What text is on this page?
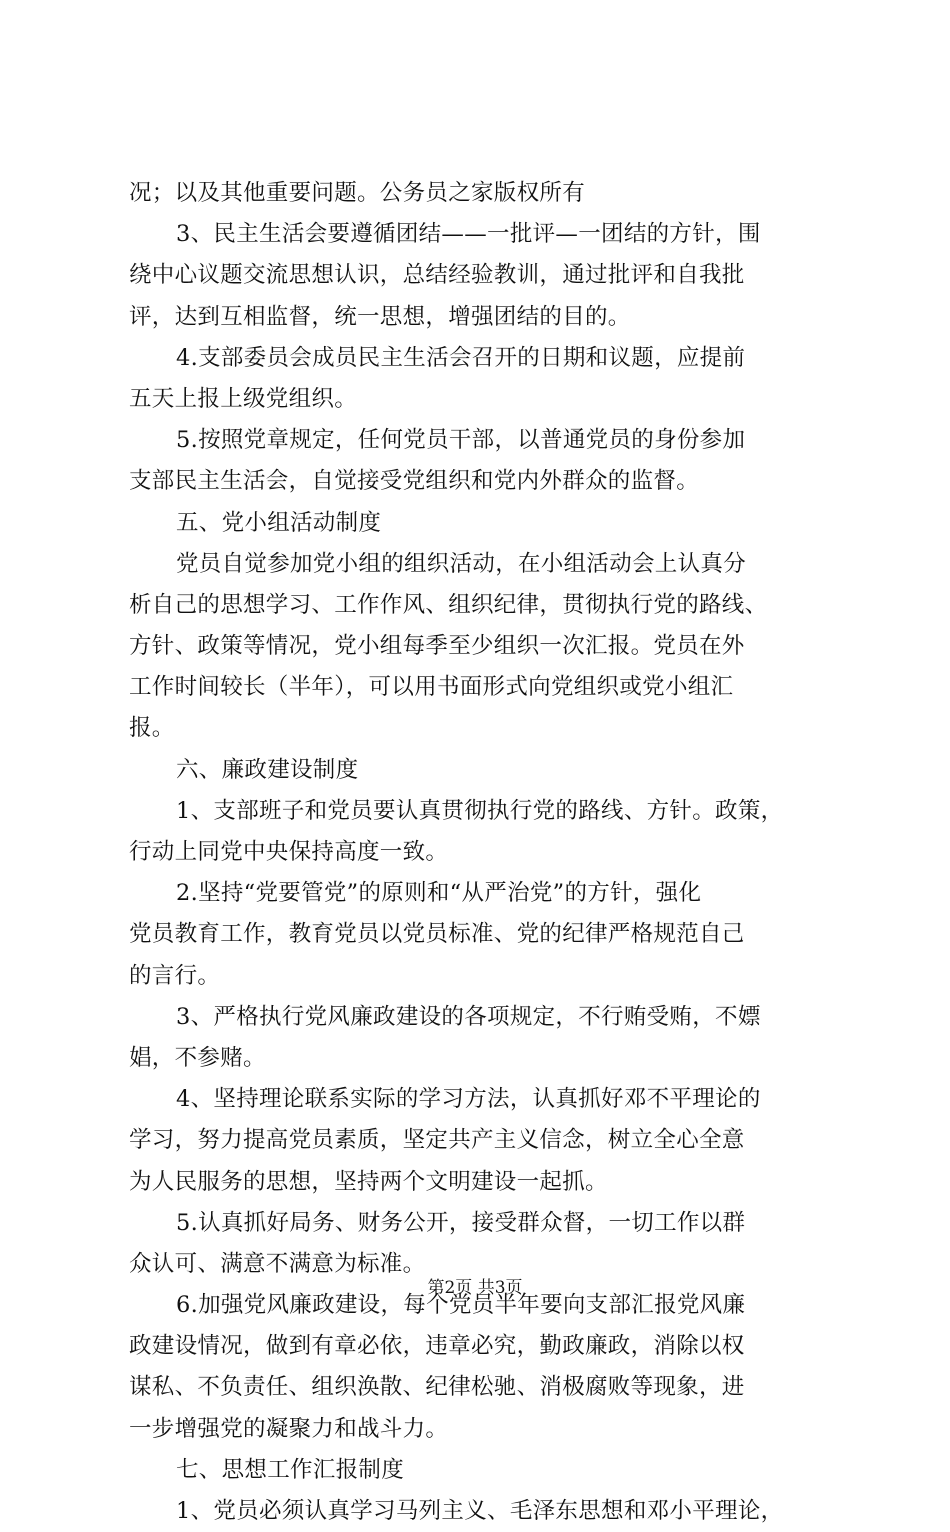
况；以及其他重要问题。公务员之家版权所有
3、民主生活会要遵循团结——一批评—一团结的方针，围
绕中心议题交流思想认识，总结经验教训，通过批评和自我批
评，达到互相监督，统一思想，增强团结的目的。
4.支部委员会成员民主生活会召开的日期和议题，应提前
五天上报上级党组织。
5.按照党章规定，任何党员干部，以普通党员的身份参加
支部民主生活会，自觉接受党组织和党内外群众的监督。
五、党小组活动制度
党员自觉参加党小组的组织活动，在小组活动会上认真分
析自己的思想学习、工作作风、组织纪律，贯彻执行党的路线、
方针、政策等情况，党小组每季至少组织一次汇报。党员在外
工作时间较长（半年），可以用书面形式向党组织或党小组汇
报。
六、廉政建设制度
1、支部班子和党员要认真贯彻执行党的路线、方针。政策，
行动上同党中央保持高度一致。
2.坚持“党要管党”的原则和“从严治党”的方针，强化
党员教育工作，教育党员以党员标准、党的纪律严格规范自己
的言行。
3、严格执行党风廉政建设的各项规定，不行贿受贿，不嫖
娼，不参赌。
4、坚持理论联系实际的学习方法，认真抓好邓不平理论的
学习，努力提高党员素质，坚定共产主义信念，树立全心全意
为人民服务的思想，坚持两个文明建设一起抓。
5.认真抓好局务、财务公开，接受群众督，一切工作以群
众认可、满意不满意为标准。
6.加强党风廉政建设，每个党员半年要向支部汇报党风廉
政建设情况，做到有章必依，违章必究，勤政廉政，消除以权
谋私、不负责任、组织涣散、纪律松驰、消极腐败等现象，进
一步增强党的凝聚力和战斗力。
七、思想工作汇报制度
1、党员必须认真学习马列主义、毛泽东思想和邓小平理论，
第2页 共3页
